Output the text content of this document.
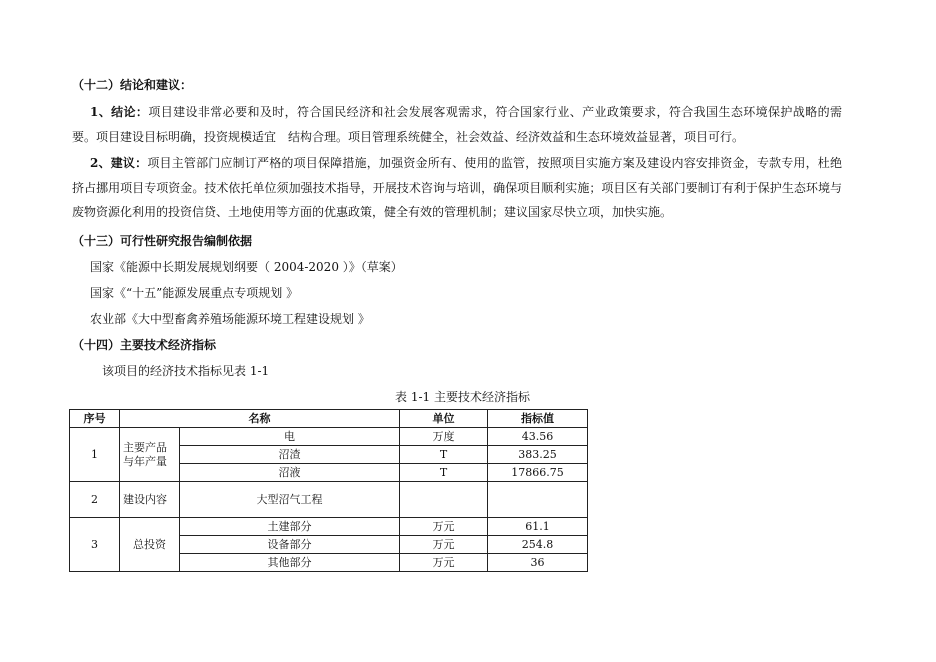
（十二）结论和建议：
1、结论：项目建设非常必要和及时，符合国民经济和社会发展客观需求，符合国家行业、产业政策要求，符合我国生态环境保护战略的需要。项目建设目标明确，投资规模适宜　结构合理。项目管理系统健全，社会效益、经济效益和生态环境效益显著，项目可行。
2、建议：项目主管部门应制订严格的项目保障措施，加强资金所有、使用的监管，按照项目实施方案及建设内容安排资金，专款专用，杜绝挤占挪用项目专项资金。技术依托单位须加强技术指导，开展技术咨询与培训，确保项目顺利实施；项目区有关部门要制订有利于保护生态环境与废物资源化利用的投资信贷、土地使用等方面的优惠政策，健全有效的管理机制；建议国家尽快立项，加快实施。
（十三）可行性研究报告编制依据
国家《能源中长期发展规划纲要（ 2004-2020 ）》（草案）
国家《“十五”能源发展重点专项规划 》
农业部《大中型畜禽养殖场能源环境工程建设规划 》
（十四）主要技术经济指标
该项目的经济技术指标见表 1-1
表 1-1 主要技术经济指标
序号	名称		单位	指标值
1	主要产品与年产量	电	万度	43.56
		沼渣	T	383.25
		沼液	T	17866.75
2	建设内容	大型沼气工程		
3	总投资	土建部分	万元	61.1
		设备部分	万元	254.8
		其他部分	万元	36
